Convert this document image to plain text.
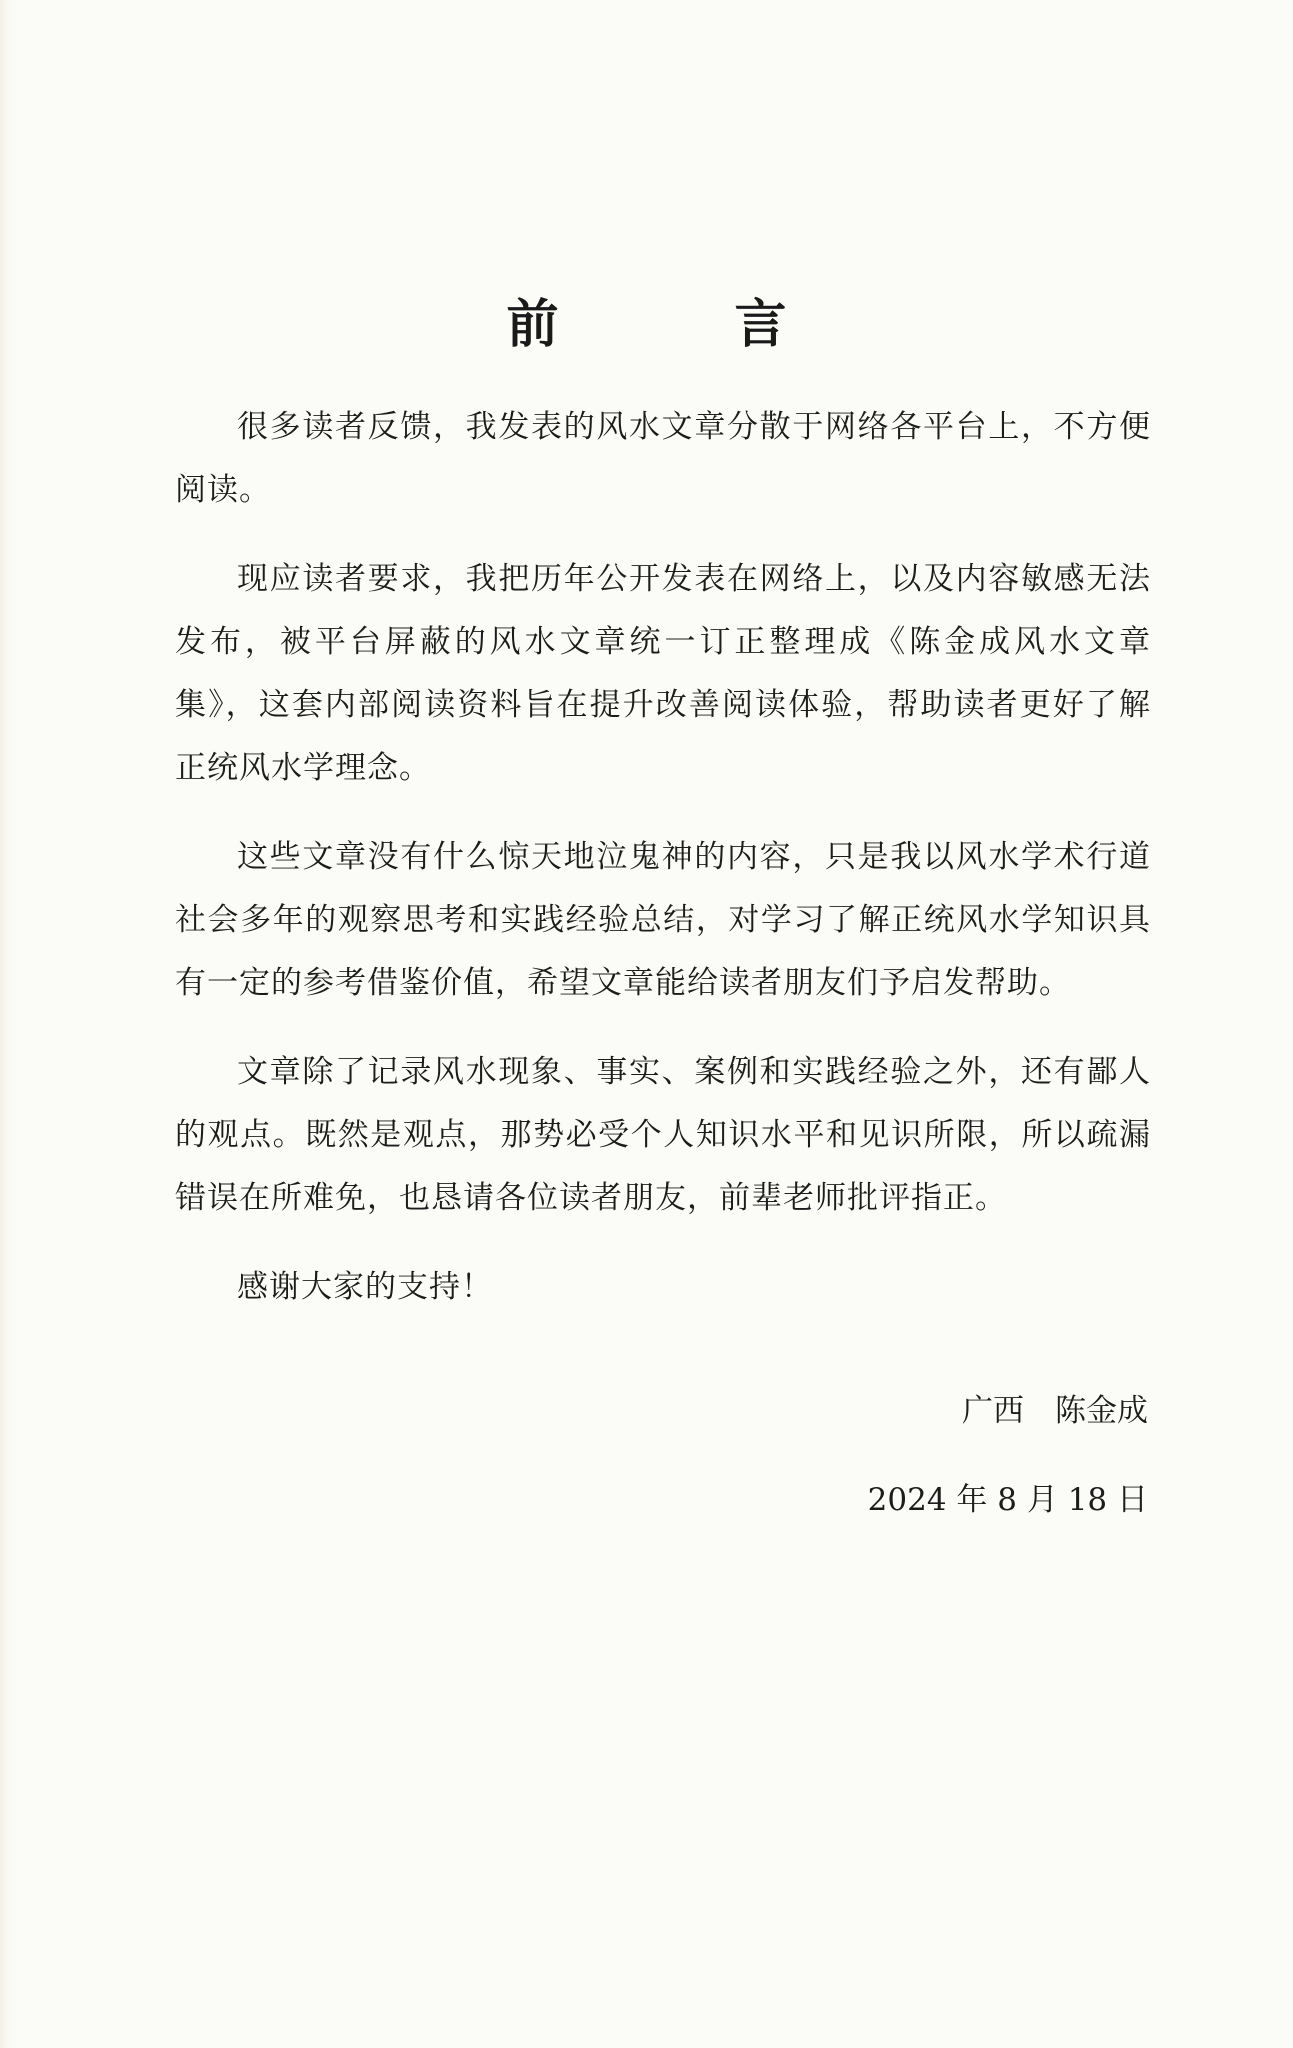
前　言

很多读者反馈，我发表的风水文章分散于网络各平台上，不方便阅读。

现应读者要求，我把历年公开发表在网络上，以及内容敏感无法发布，被平台屏蔽的风水文章统一订正整理成《陈金成风水文章集》，这套内部阅读资料旨在提升改善阅读体验，帮助读者更好了解正统风水学理念。

这些文章没有什么惊天地泣鬼神的内容，只是我以风水学术行道社会多年的观察思考和实践经验总结，对学习了解正统风水学知识具有一定的参考借鉴价值，希望文章能给读者朋友们予启发帮助。

文章除了记录风水现象、事实、案例和实践经验之外，还有鄙人的观点。既然是观点，那势必受个人知识水平和见识所限，所以疏漏错误在所难免，也恳请各位读者朋友，前辈老师批评指正。

感谢大家的支持！

广西　陈金成
2024 年 8 月 18 日
